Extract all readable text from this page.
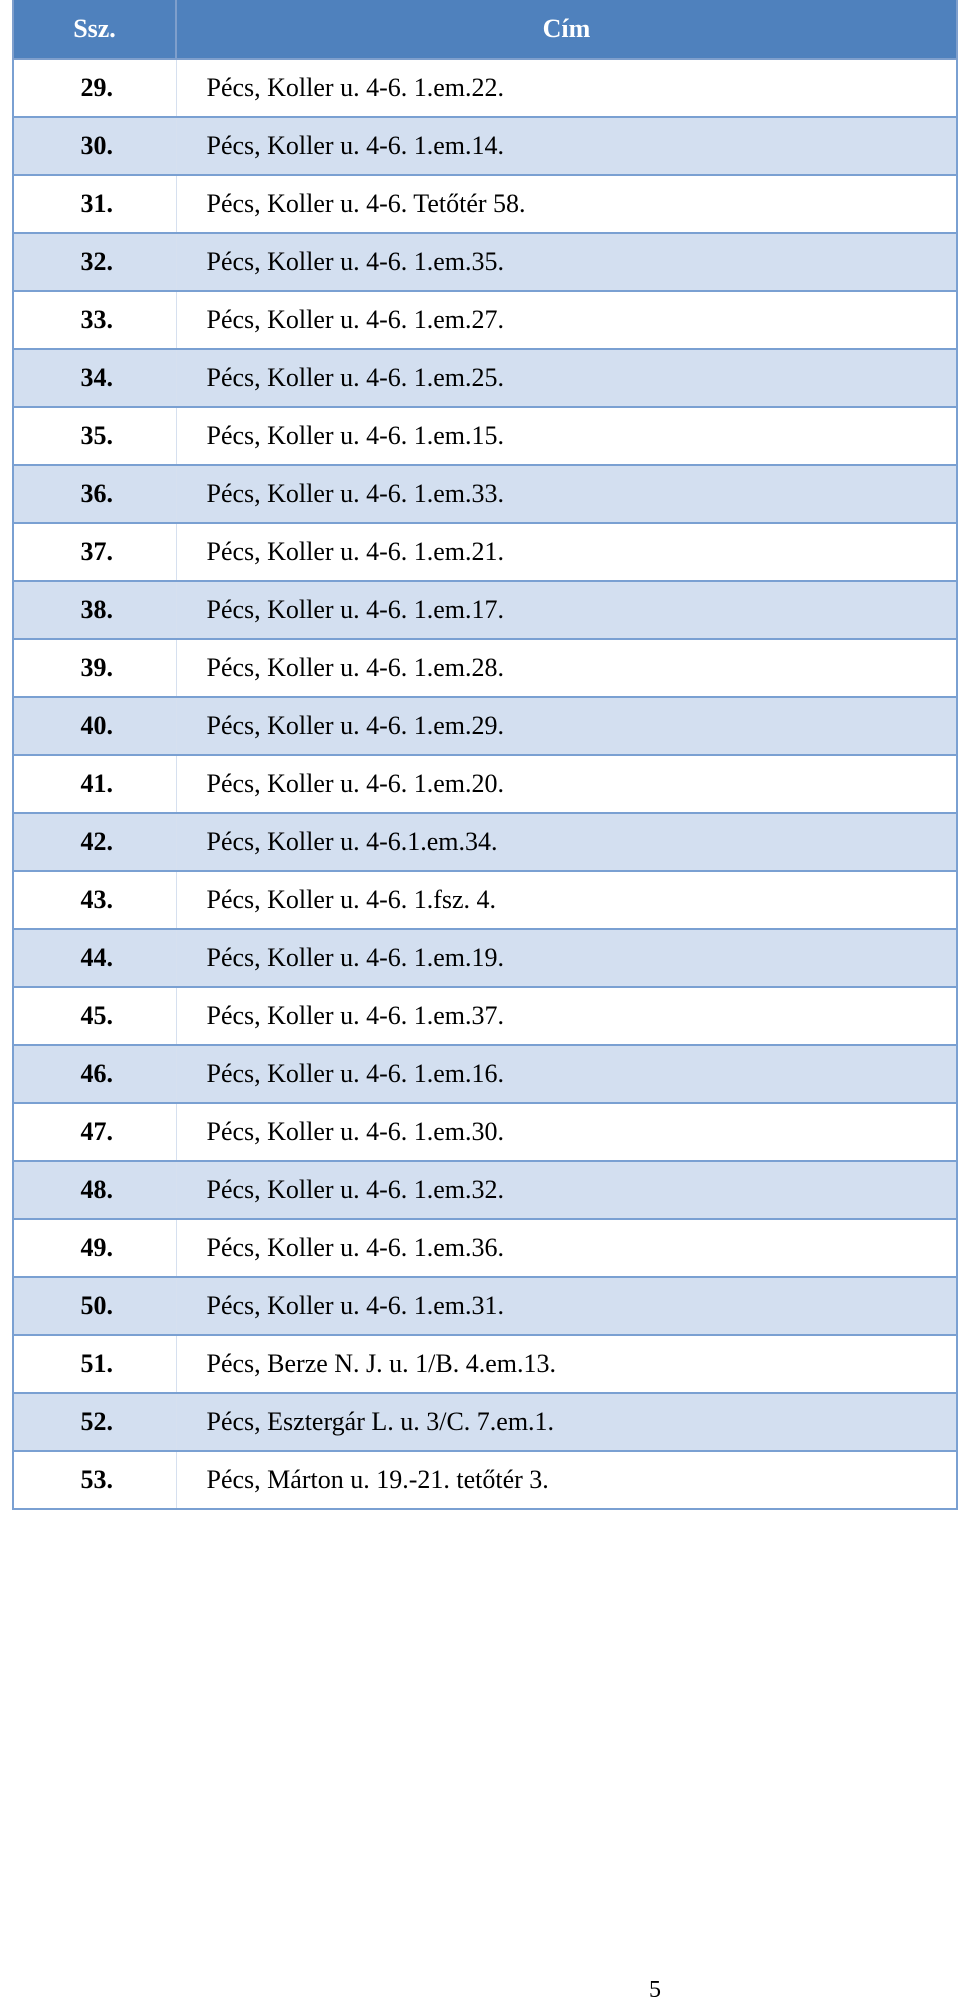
Ssz.	Cím
29.	Pécs, Koller u. 4-6. 1.em.22.
30.	Pécs, Koller u. 4-6. 1.em.14.
31.	Pécs, Koller u. 4-6. Tetőtér 58.
32.	Pécs, Koller u. 4-6. 1.em.35.
33.	Pécs, Koller u. 4-6. 1.em.27.
34.	Pécs, Koller u. 4-6. 1.em.25.
35.	Pécs, Koller u. 4-6. 1.em.15.
36.	Pécs, Koller u. 4-6. 1.em.33.
37.	Pécs, Koller u. 4-6. 1.em.21.
38.	Pécs, Koller u. 4-6. 1.em.17.
39.	Pécs, Koller u. 4-6. 1.em.28.
40.	Pécs, Koller u. 4-6. 1.em.29.
41.	Pécs, Koller u. 4-6. 1.em.20.
42.	Pécs, Koller u. 4-6.1.em.34.
43.	Pécs, Koller u. 4-6. 1.fsz. 4.
44.	Pécs, Koller u. 4-6. 1.em.19.
45.	Pécs, Koller u. 4-6. 1.em.37.
46.	Pécs, Koller u. 4-6. 1.em.16.
47.	Pécs, Koller u. 4-6. 1.em.30.
48.	Pécs, Koller u. 4-6. 1.em.32.
49.	Pécs, Koller u. 4-6. 1.em.36.
50.	Pécs, Koller u. 4-6. 1.em.31.
51.	Pécs, Berze N. J. u. 1/B. 4.em.13.
52.	Pécs, Esztergár L. u. 3/C. 7.em.1.
53.	Pécs, Márton u. 19.-21. tetőtér 3.
5
